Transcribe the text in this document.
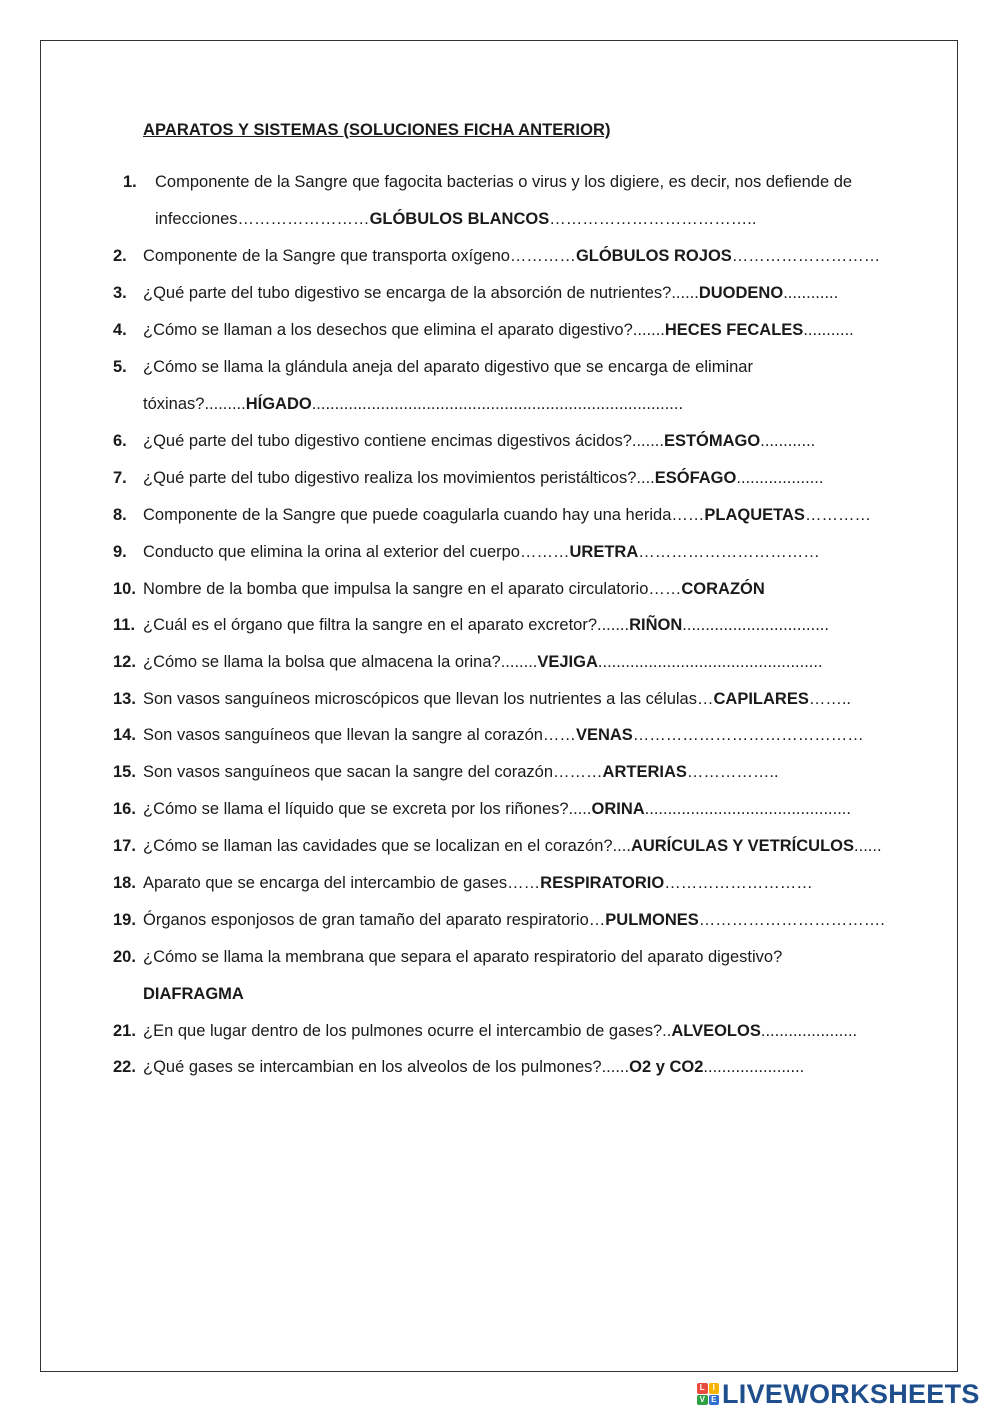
APARATOS Y SISTEMAS (SOLUCIONES FICHA ANTERIOR)
1. Componente de la Sangre que fagocita bacterias o virus y los digiere, es decir, nos defiende de
infecciones……………………GLÓBULOS BLANCOS………………………………..
2. Componente de la Sangre que transporta oxígeno…………GLÓBULOS ROJOS………………………
3. ¿Qué parte del tubo digestivo se encarga de la absorción de nutrientes?......DUODENO............
4. ¿Cómo se llaman a los desechos que elimina el aparato digestivo?.......HECES FECALES...........
5. ¿Cómo se llama la glándula aneja del aparato digestivo que se encarga de eliminar
tóxinas?.........HÍGADO.................................................................................
6. ¿Qué parte del tubo digestivo contiene encimas digestivos ácidos?.......ESTÓMAGO............
7. ¿Qué parte del tubo digestivo realiza los movimientos peristálticos?....ESÓFAGO...................
8. Componente de la Sangre que puede coagularla cuando hay una herida……PLAQUETAS…………
9. Conducto que elimina la orina al exterior del cuerpo………URETRA……………………………
10. Nombre de la bomba que impulsa la sangre en el aparato circulatorio……CORAZÓN
11. ¿Cuál es el órgano que filtra la sangre en el aparato excretor?.......RIÑON................................
12. ¿Cómo se llama la bolsa que almacena la orina?........VEJIGA.................................................
13. Son vasos sanguíneos microscópicos que llevan los nutrientes a las células…CAPILARES……..
14. Son vasos sanguíneos que llevan la sangre al corazón……VENAS……………………………………
15. Son vasos sanguíneos que sacan la sangre del corazón………ARTERIAS……………..
16. ¿Cómo se llama el líquido que se excreta por los riñones?.....ORINA.............................................
17. ¿Cómo se llaman las cavidades que se localizan en el corazón?....AURÍCULAS Y VETRÍCULOS......
18. Aparato que se encarga del intercambio de gases……RESPIRATORIO………………………
19. Órganos esponjosos de gran tamaño del aparato respiratorio…PULMONES…………………………….
20. ¿Cómo se llama la membrana que separa el aparato respiratorio del aparato digestivo?
DIAFRAGMA
21. ¿En que lugar dentro de los pulmones ocurre el intercambio de gases?..ALVEOLOS.....................
22. ¿Qué gases se intercambian en los alveolos de los pulmones?......O2 y CO2......................
L I
V E LIVEWORKSHEETS
